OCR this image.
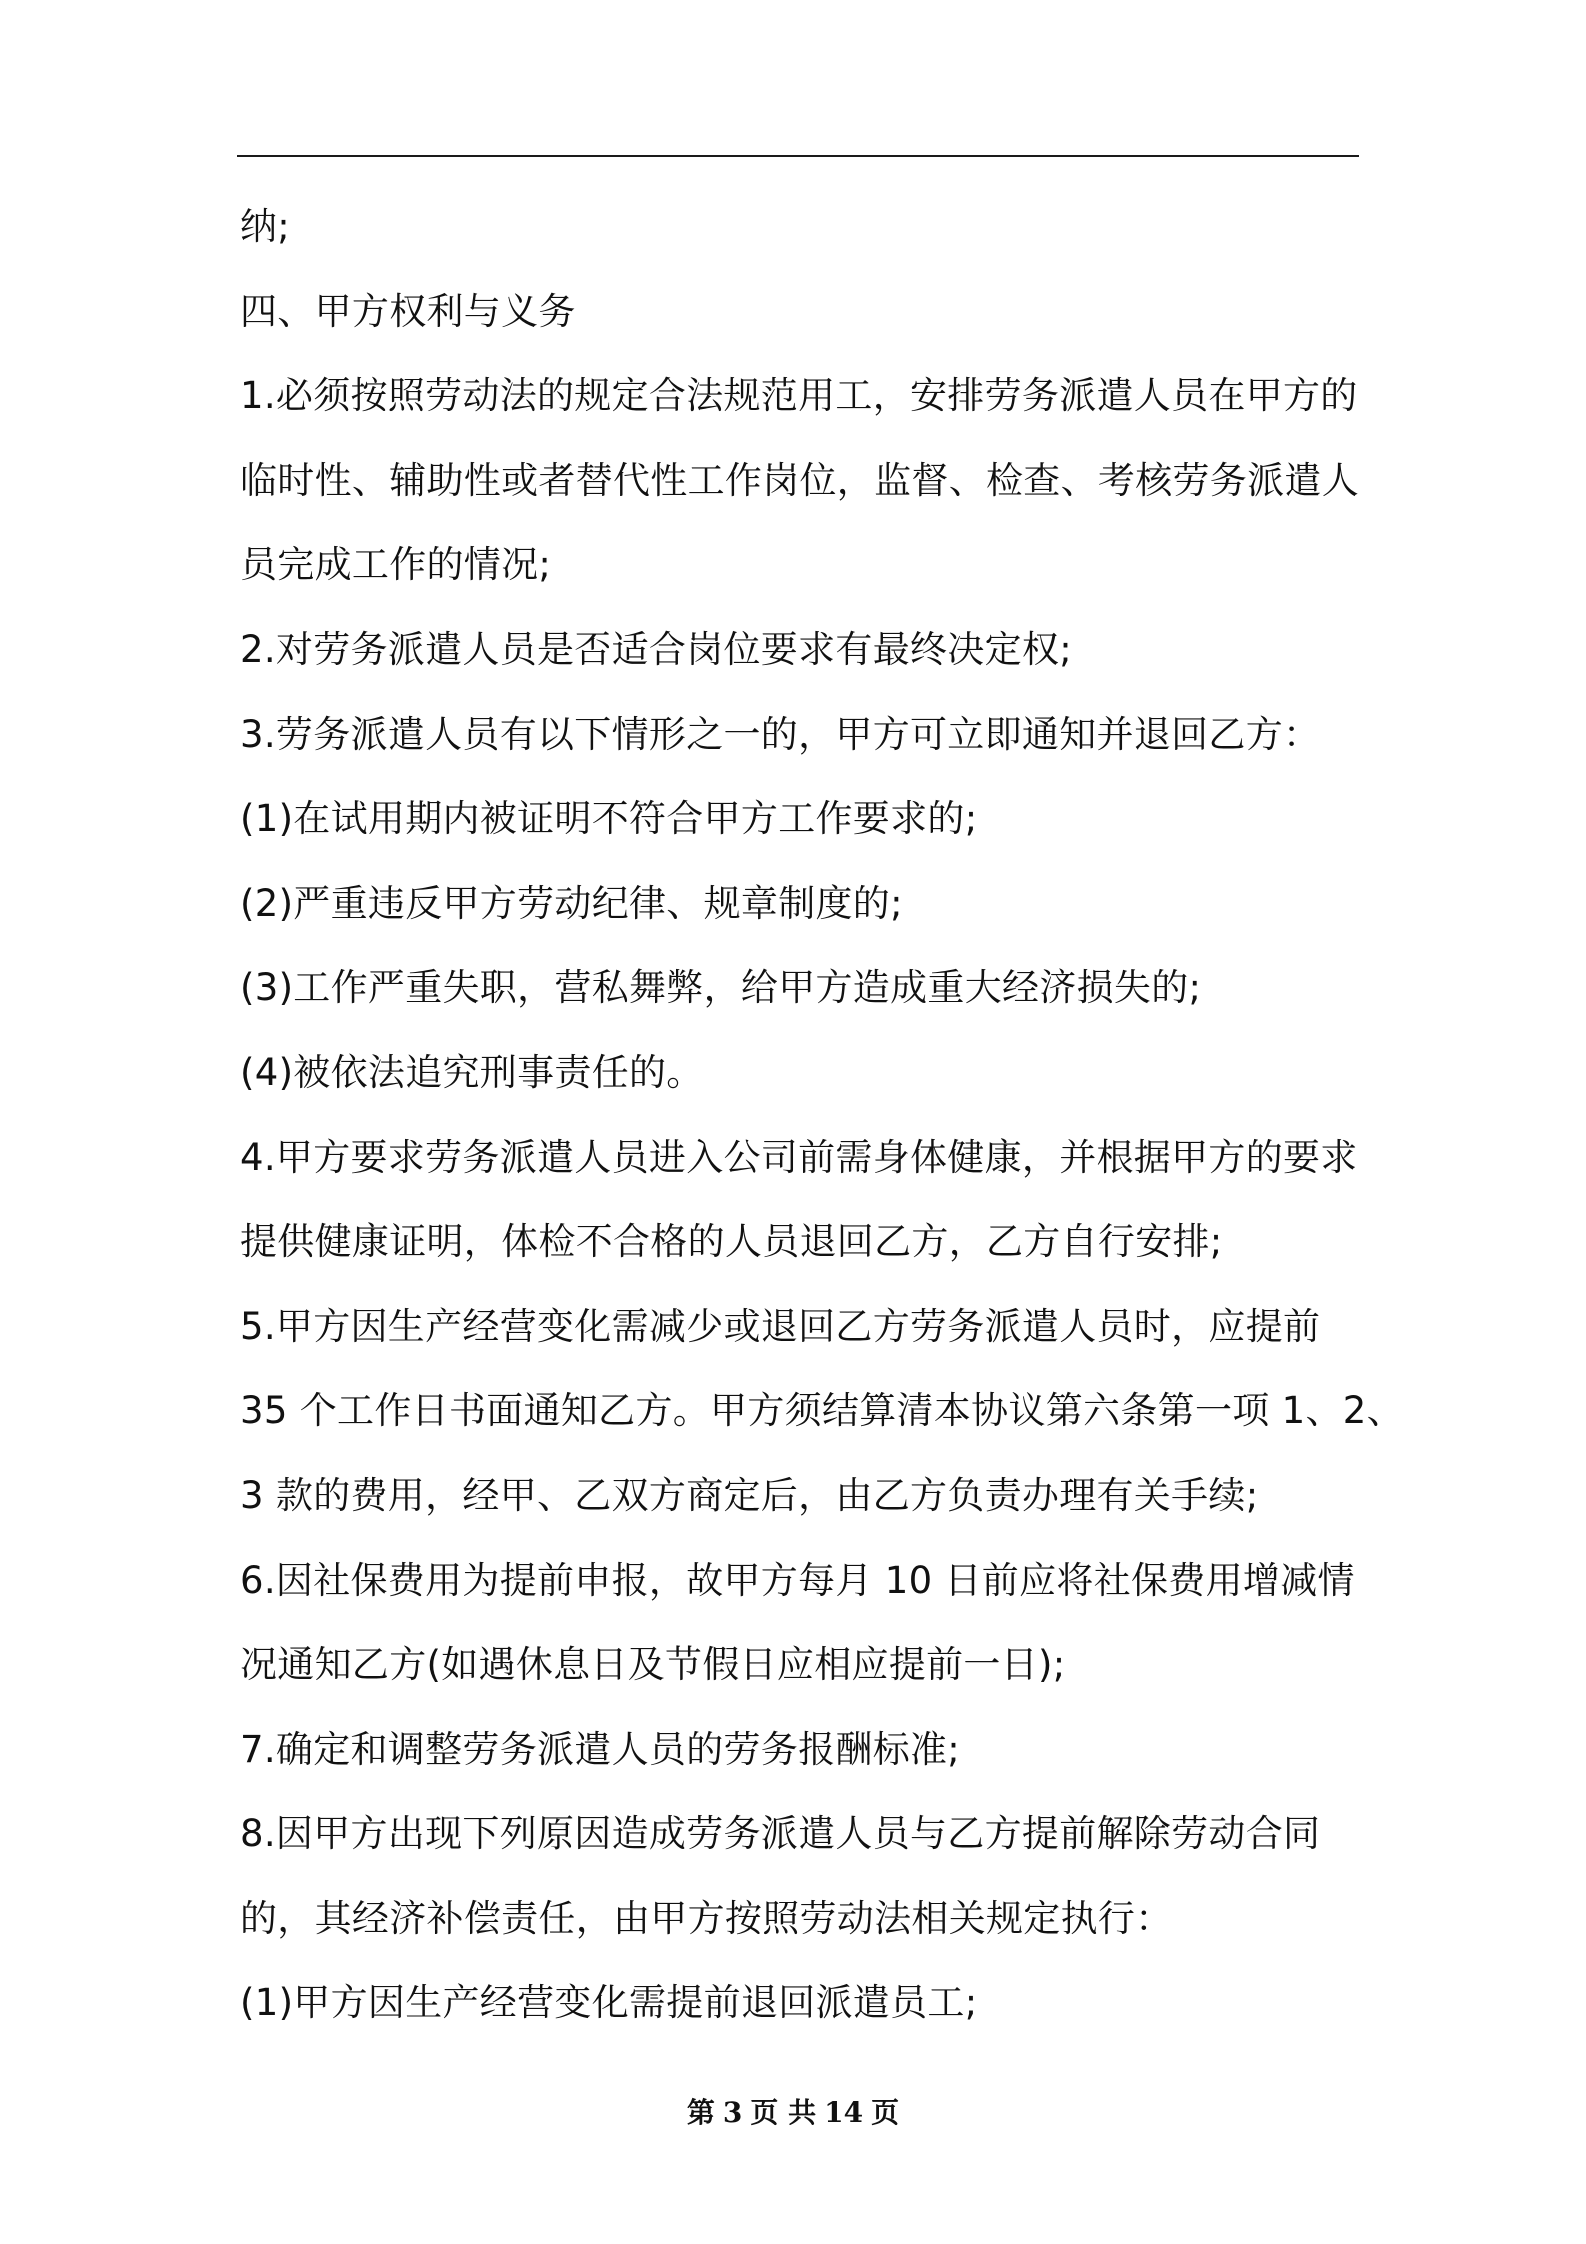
纳;
四、甲方权利与义务
1.必须按照劳动法的规定合法规范用工，安排劳务派遣人员在甲方的
临时性、辅助性或者替代性工作岗位，监督、检查、考核劳务派遣人
员完成工作的情况;
2.对劳务派遣人员是否适合岗位要求有最终决定权;
3.劳务派遣人员有以下情形之一的，甲方可立即通知并退回乙方：
(1)在试用期内被证明不符合甲方工作要求的;
(2)严重违反甲方劳动纪律、规章制度的;
(3)工作严重失职，营私舞弊，给甲方造成重大经济损失的;
(4)被依法追究刑事责任的。
4.甲方要求劳务派遣人员进入公司前需身体健康，并根据甲方的要求
提供健康证明，体检不合格的人员退回乙方，乙方自行安排;
5.甲方因生产经营变化需减少或退回乙方劳务派遣人员时，应提前
35 个工作日书面通知乙方。甲方须结算清本协议第六条第一项 1、2、
3 款的费用，经甲、乙双方商定后，由乙方负责办理有关手续;
6.因社保费用为提前申报，故甲方每月 10 日前应将社保费用增减情
况通知乙方(如遇休息日及节假日应相应提前一日);
7.确定和调整劳务派遣人员的劳务报酬标准;
8.因甲方出现下列原因造成劳务派遣人员与乙方提前解除劳动合同
的，其经济补偿责任，由甲方按照劳动法相关规定执行：
(1)甲方因生产经营变化需提前退回派遣员工;
第 3 页 共 14 页
